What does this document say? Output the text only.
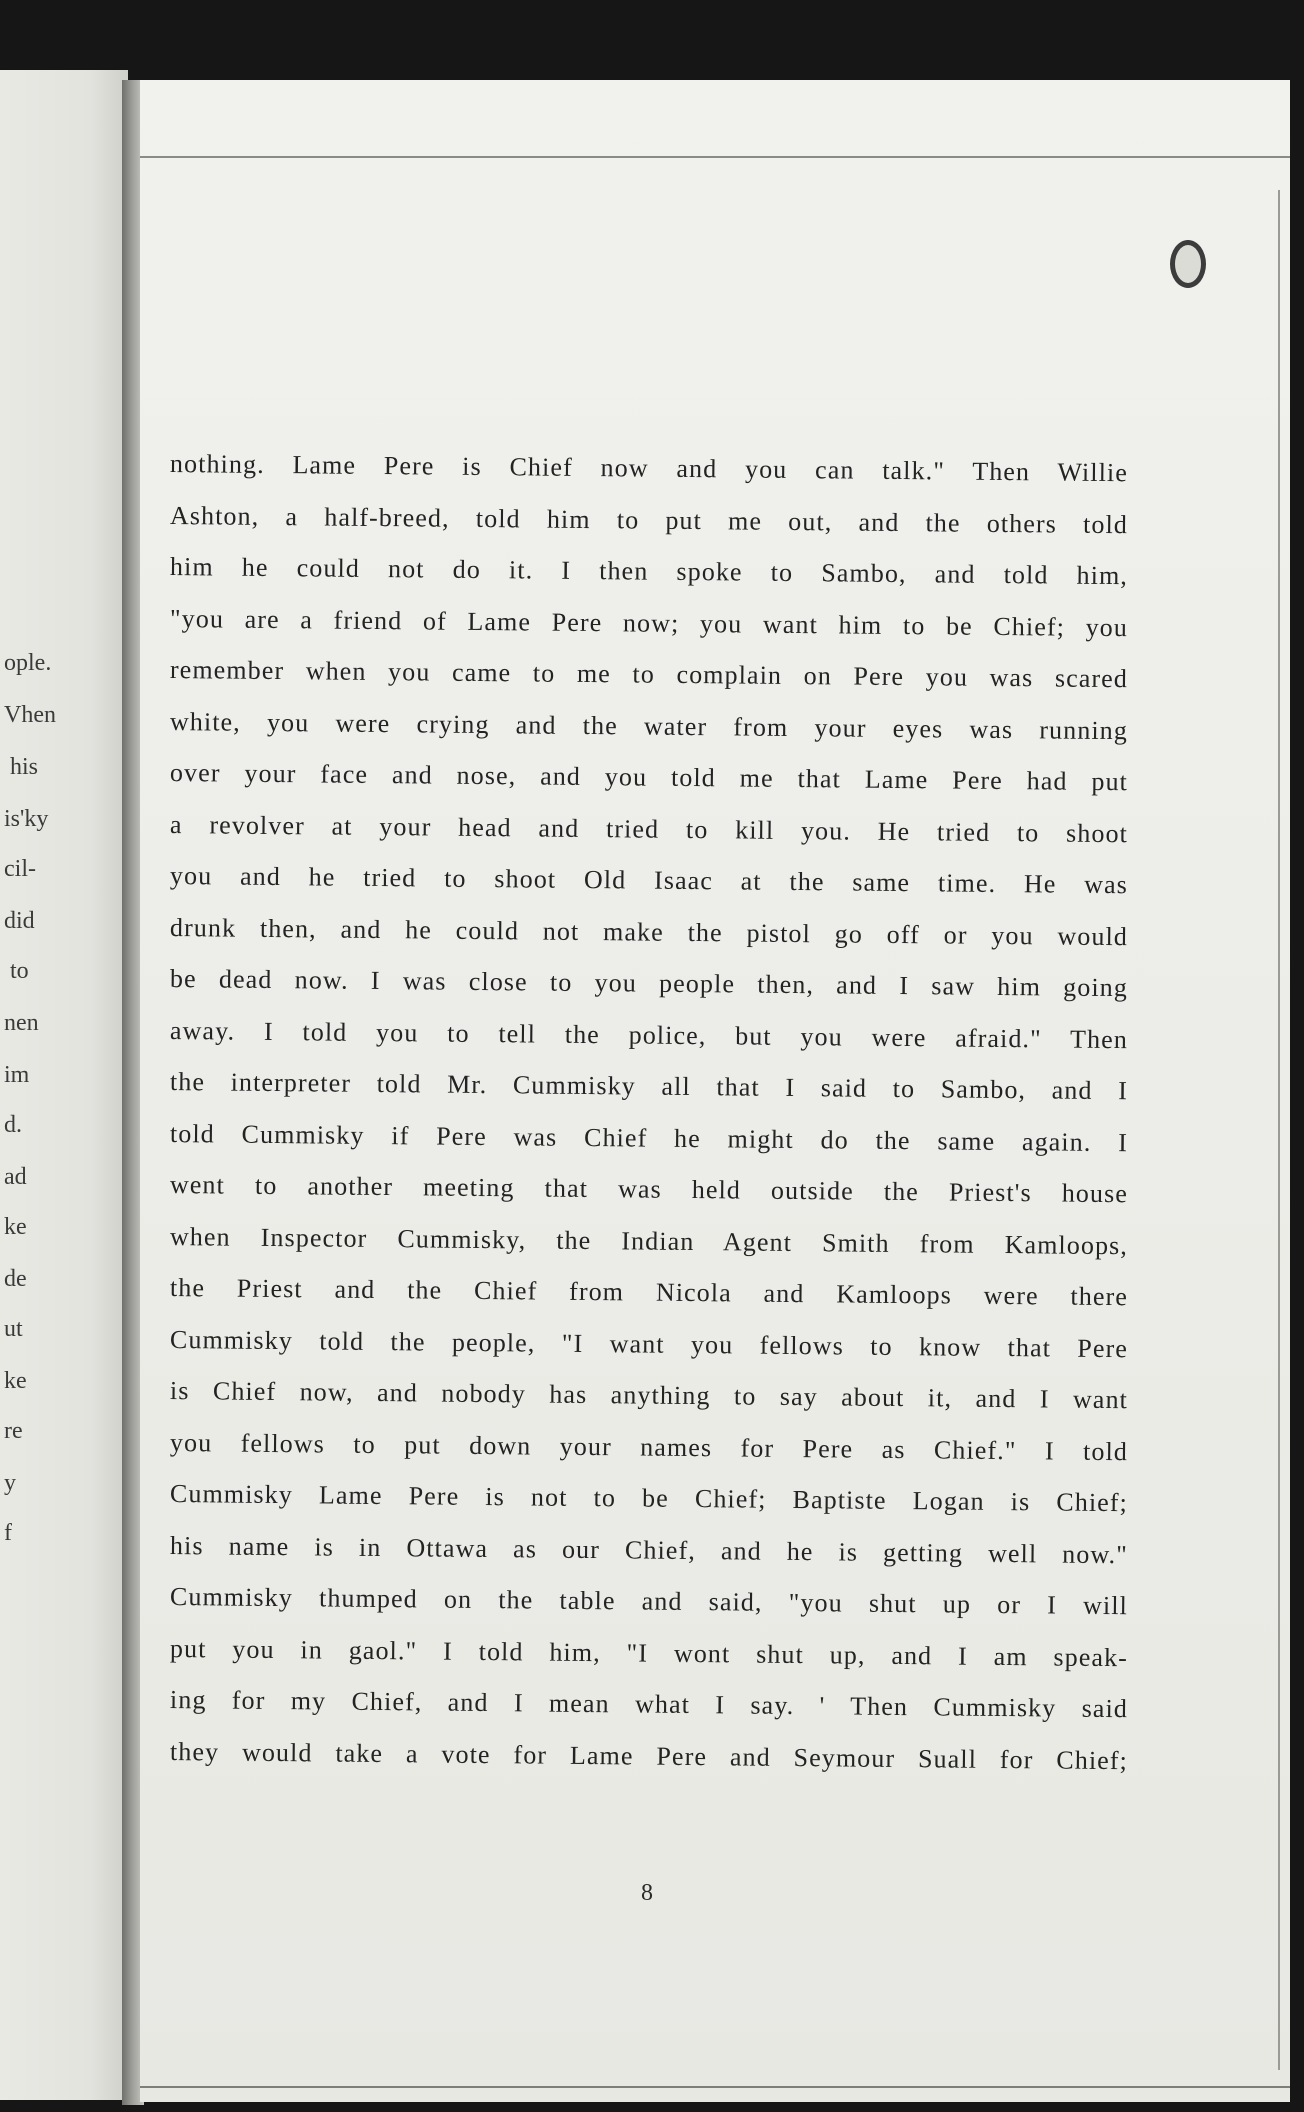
ople.
Vhen
his
is'ky
cil-
did
to
nen
im
d.
ad
ke
de
ut
ke
re
y
f
nothing. Lame Pere is Chief now and you can talk." Then Willie
Ashton, a half-breed, told him to put me out, and the others told
him he could not do it. I then spoke to Sambo, and told him,
"you are a friend of Lame Pere now; you want him to be Chief; you
remember when you came to me to complain on Pere you was scared
white, you were crying and the water from your eyes was running
over your face and nose, and you told me that Lame Pere had put
a revolver at your head and tried to kill you. He tried to shoot
you and he tried to shoot Old Isaac at the same time. He was
drunk then, and he could not make the pistol go off or you would
be dead now. I was close to you people then, and I saw him going
away. I told you to tell the police, but you were afraid." Then
the interpreter told Mr. Cummisky all that I said to Sambo, and I
told Cummisky if Pere was Chief he might do the same again. I
went to another meeting that was held outside the Priest's house
when Inspector Cummisky, the Indian Agent Smith from Kamloops,
the Priest and the Chief from Nicola and Kamloops were there
Cummisky told the people, "I want you fellows to know that Pere
is Chief now, and nobody has anything to say about it, and I want
you fellows to put down your names for Pere as Chief." I told
Cummisky Lame Pere is not to be Chief; Baptiste Logan is Chief;
his name is in Ottawa as our Chief, and he is getting well now."
Cummisky thumped on the table and said, "you shut up or I will
put you in gaol." I told him, "I wont shut up, and I am speak-
ing for my Chief, and I mean what I say. ' Then Cummisky said
they would take a vote for Lame Pere and Seymour Suall for Chief;
8
